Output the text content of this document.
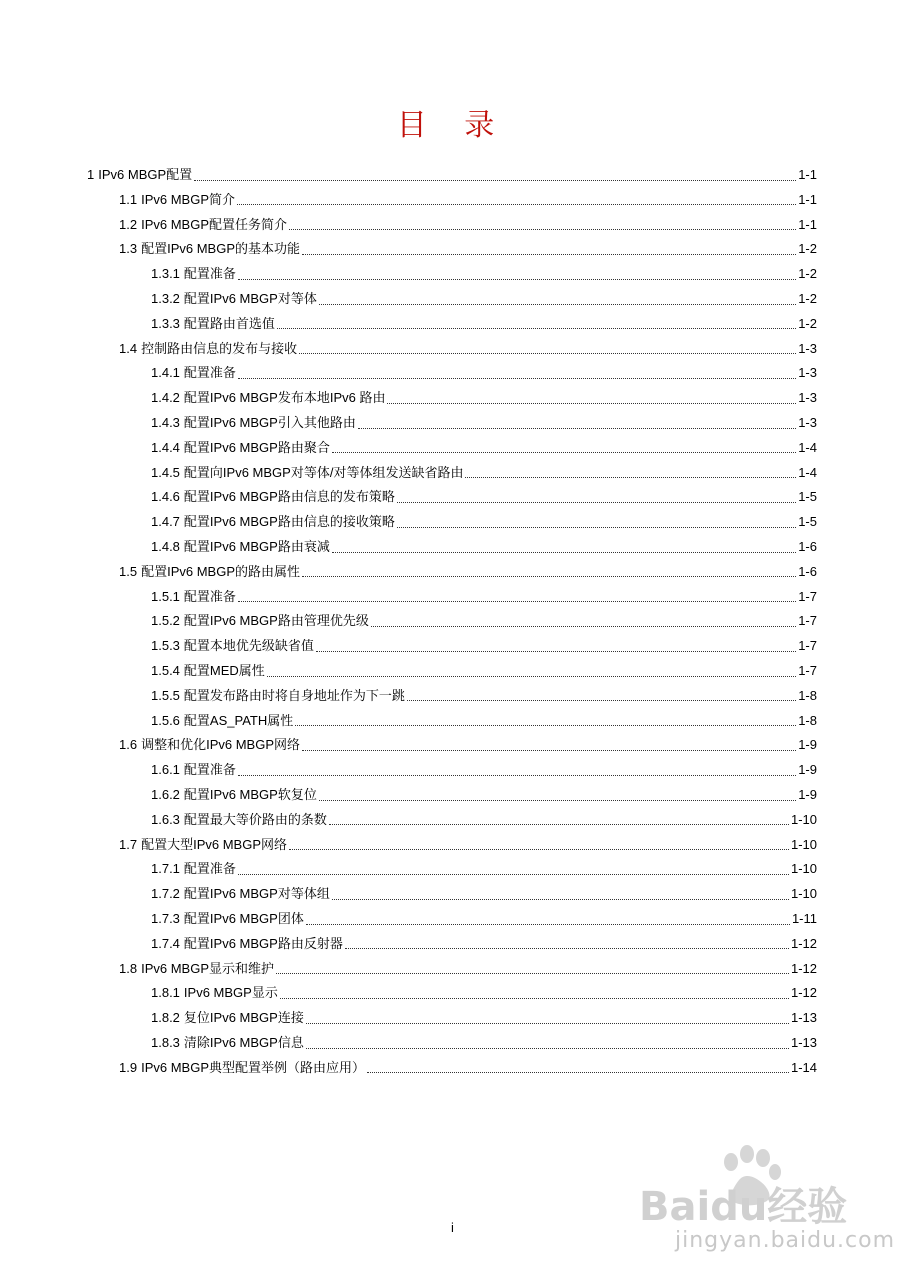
目 录
1 IPv6 MBGP配置	1-1
1.1 IPv6 MBGP简介	1-1
1.2 IPv6 MBGP配置任务简介	1-1
1.3 配置IPv6 MBGP的基本功能	1-2
1.3.1 配置准备	1-2
1.3.2 配置IPv6 MBGP对等体	1-2
1.3.3 配置路由首选值	1-2
1.4 控制路由信息的发布与接收	1-3
1.4.1 配置准备	1-3
1.4.2 配置IPv6 MBGP发布本地IPv6 路由	1-3
1.4.3 配置IPv6 MBGP引入其他路由	1-3
1.4.4 配置IPv6 MBGP路由聚合	1-4
1.4.5 配置向IPv6 MBGP对等体/对等体组发送缺省路由	1-4
1.4.6 配置IPv6 MBGP路由信息的发布策略	1-5
1.4.7 配置IPv6 MBGP路由信息的接收策略	1-5
1.4.8 配置IPv6 MBGP路由衰减	1-6
1.5 配置IPv6 MBGP的路由属性	1-6
1.5.1 配置准备	1-7
1.5.2 配置IPv6 MBGP路由管理优先级	1-7
1.5.3 配置本地优先级缺省值	1-7
1.5.4 配置MED属性	1-7
1.5.5 配置发布路由时将自身地址作为下一跳	1-8
1.5.6 配置AS_PATH属性	1-8
1.6 调整和优化IPv6 MBGP网络	1-9
1.6.1 配置准备	1-9
1.6.2 配置IPv6 MBGP软复位	1-9
1.6.3 配置最大等价路由的条数	1-10
1.7 配置大型IPv6 MBGP网络	1-10
1.7.1 配置准备	1-10
1.7.2 配置IPv6 MBGP对等体组	1-10
1.7.3 配置IPv6 MBGP团体	1-11
1.7.4 配置IPv6 MBGP路由反射器	1-12
1.8 IPv6 MBGP显示和维护	1-12
1.8.1 IPv6 MBGP显示	1-12
1.8.2 复位IPv6 MBGP连接	1-13
1.8.3 清除IPv6 MBGP信息	1-13
1.9 IPv6 MBGP典型配置举例（路由应用）	1-14
i	Baidu经验
jingyan.baidu.com
